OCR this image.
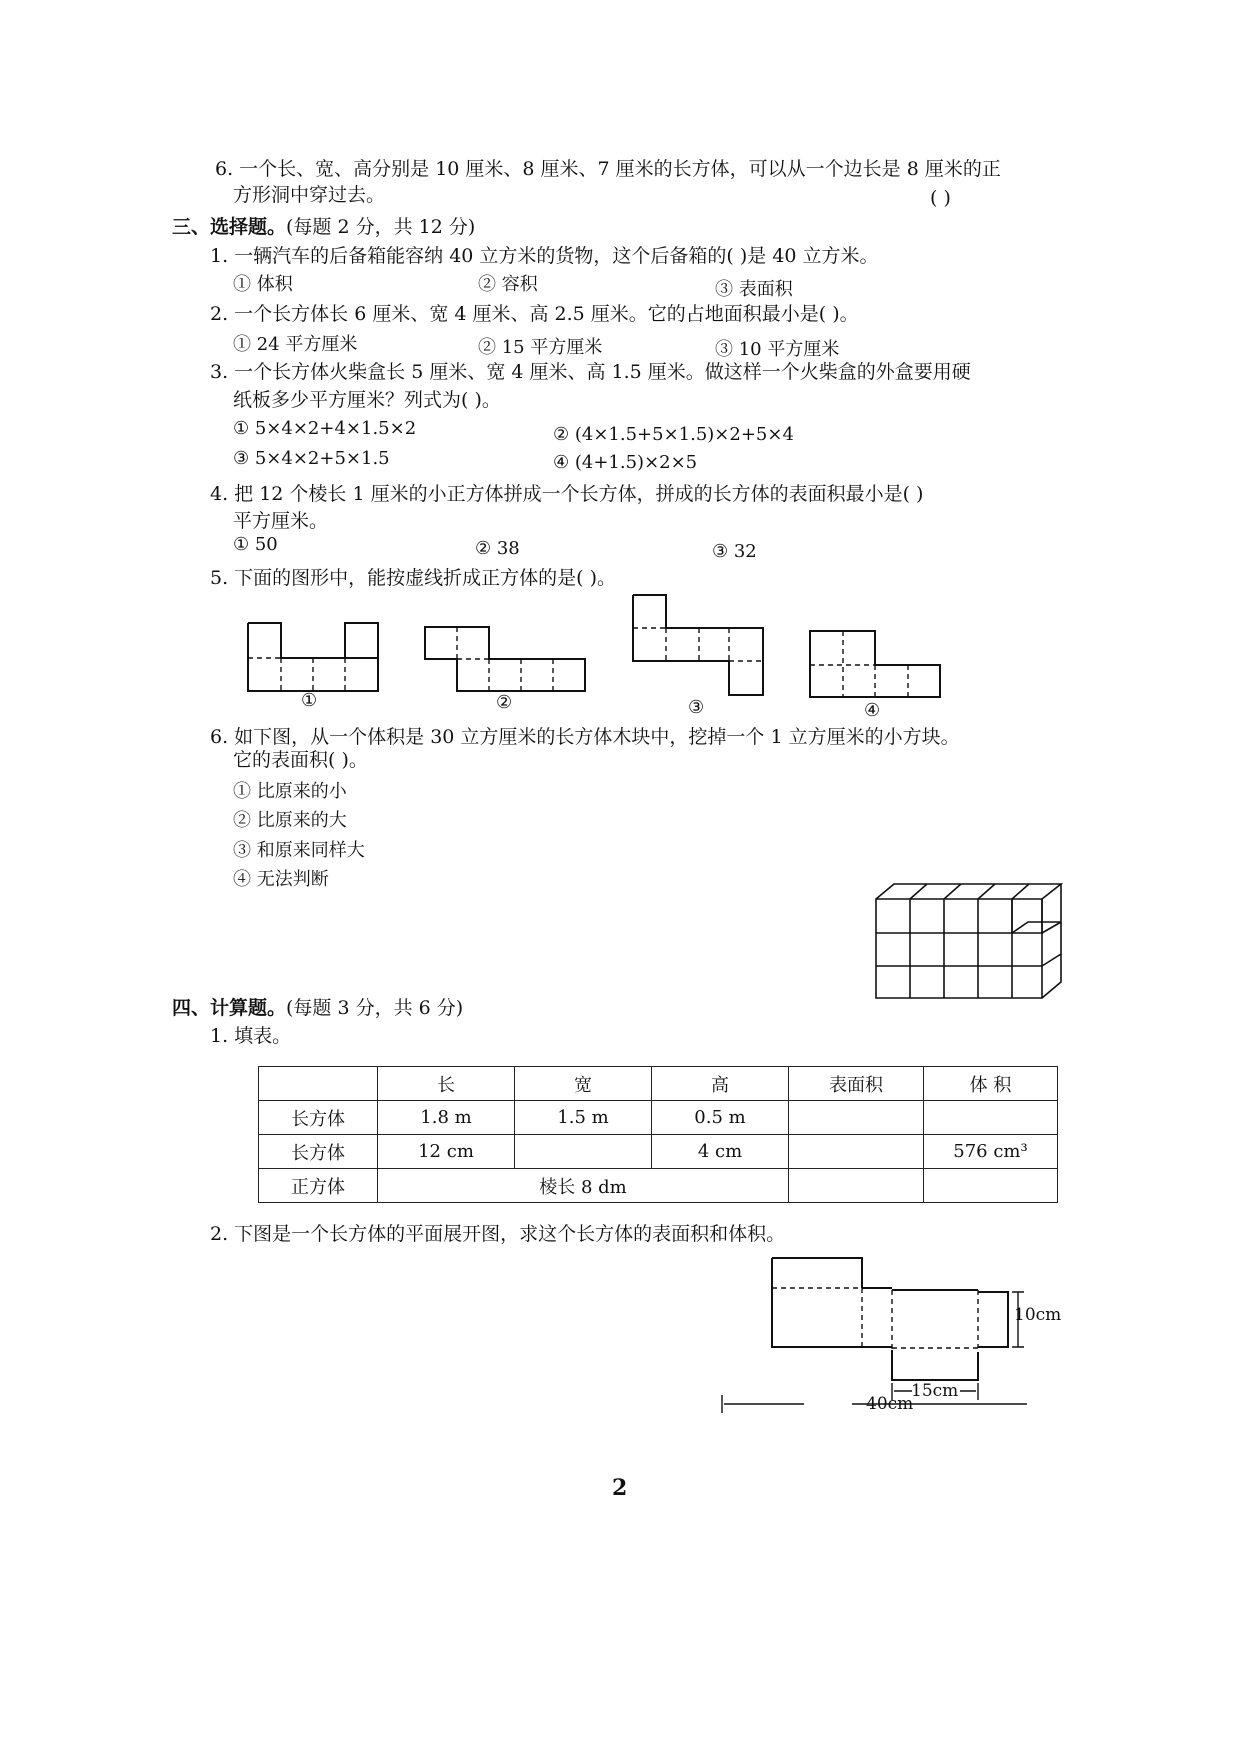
6. 一个长、宽、高分别是 10 厘米、8 厘米、7 厘米的长方体，可以从一个边长是 8 厘米的正
方形洞中穿过去。	( )
三、选择题。(每题 2 分，共 12 分)
1. 一辆汽车的后备箱能容纳 40 立方米的货物，这个后备箱的( )是 40 立方米。
① 体积	② 容积	③ 表面积
2. 一个长方体长 6 厘米、宽 4 厘米、高 2.5 厘米。它的占地面积最小是( )。
① 24 平方厘米	② 15 平方厘米	③ 10 平方厘米
3. 一个长方体火柴盒长 5 厘米、宽 4 厘米、高 1.5 厘米。做这样一个火柴盒的外盒要用硬
纸板多少平方厘米？列式为( )。
① 5×4×2+4×1.5×2	② (4×1.5+5×1.5)×2+5×4
③ 5×4×2+5×1.5	④ (4+1.5)×2×5
4. 把 12 个棱长 1 厘米的小正方体拼成一个长方体，拼成的长方体的表面积最小是( )
平方厘米。
① 50	② 38	③ 32
5. 下面的图形中，能按虚线折成正方体的是( )。
①	②	③	④
6. 如下图，从一个体积是 30 立方厘米的长方体木块中，挖掉一个 1 立方厘米的小方块。
它的表面积( )。
① 比原来的小
② 比原来的大
③ 和原来同样大
④ 无法判断
四、计算题。(每题 3 分，共 6 分)
1. 填表。
	长	宽	高	表面积	体 积
长方体	1.8 m	1.5 m	0.5 m		
长方体	12 cm		4 cm		576 cm³
正方体	棱长 8 dm				
2. 下图是一个长方体的平面展开图，求这个长方体的表面积和体积。
10cm
15cm
40cm
2
